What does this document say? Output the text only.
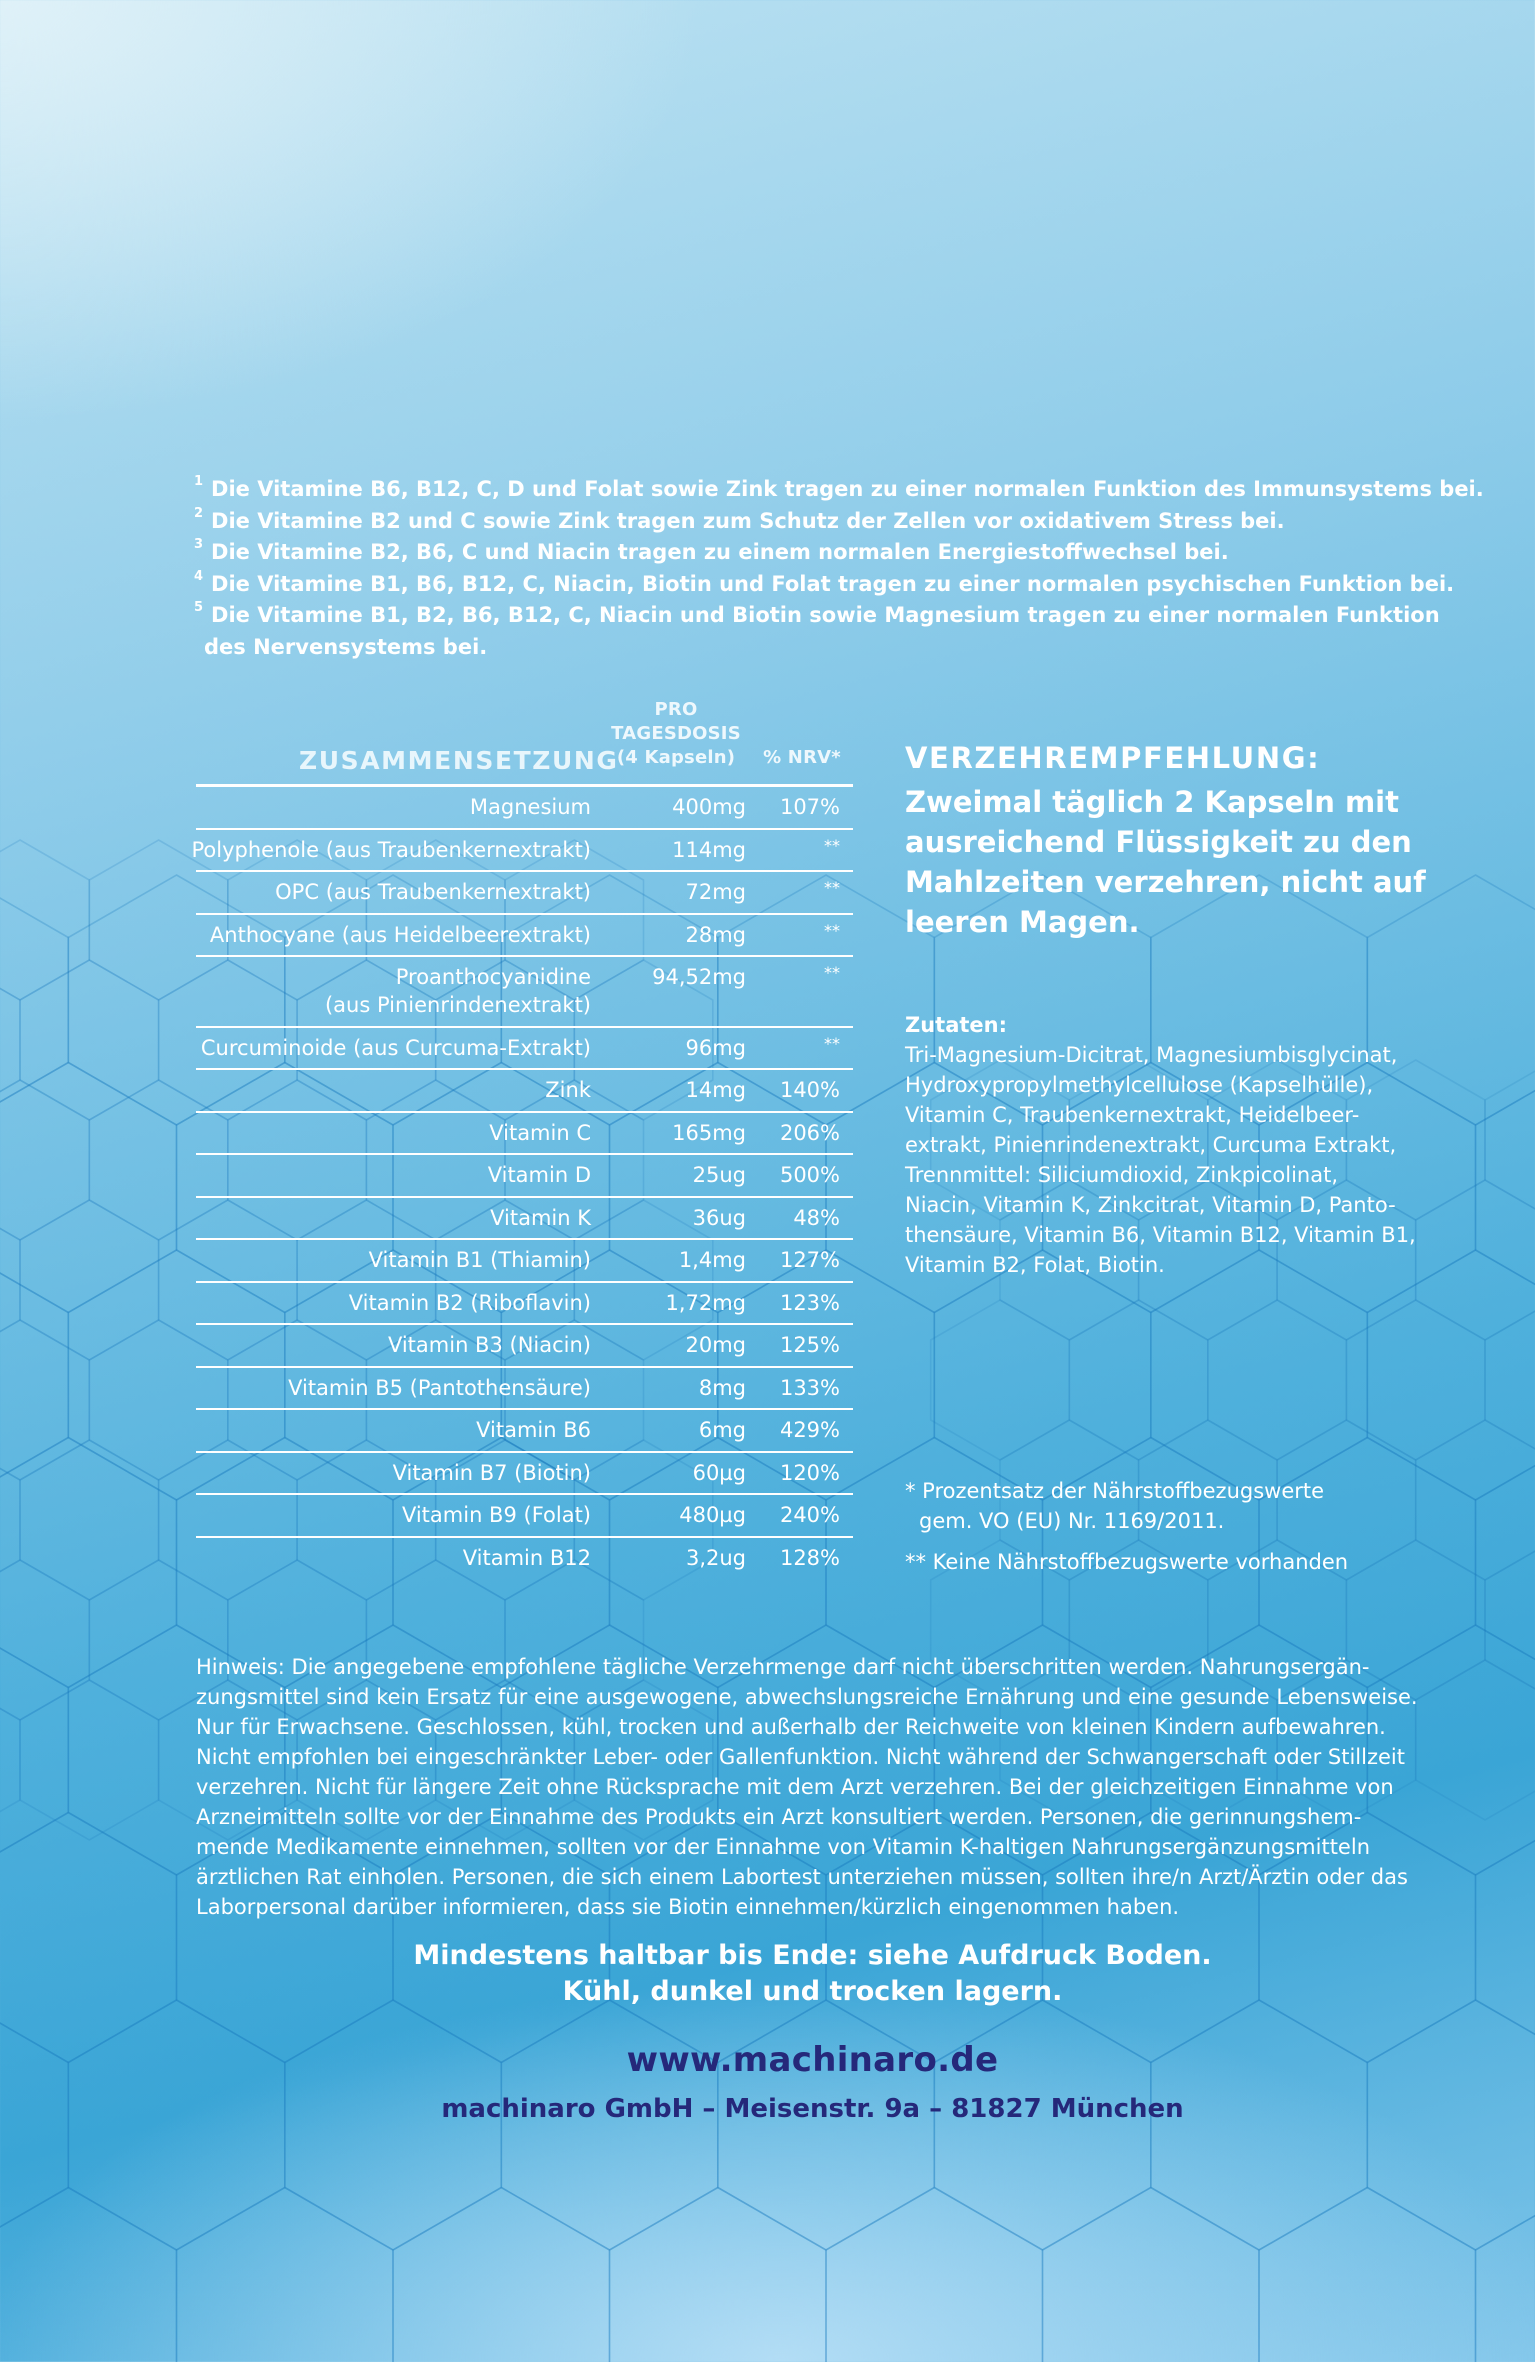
1 Die Vitamine B6, B12, C, D und Folat sowie Zink tragen zu einer normalen Funktion des Immunsystems bei.
2 Die Vitamine B2 und C sowie Zink tragen zum Schutz der Zellen vor oxidativem Stress bei.
3 Die Vitamine B2, B6, C und Niacin tragen zu einem normalen Energiestoffwechsel bei.
4 Die Vitamine B1, B6, B12, C, Niacin, Biotin und Folat tragen zu einer normalen psychischen Funktion bei.
5 Die Vitamine B1, B2, B6, B12, C, Niacin und Biotin sowie Magnesium tragen zu einer normalen Funktion
des Nervensystems bei.
PRO
TAGESDOSIS
(4 Kapseln)	% NRV*
ZUSAMMENSETZUNG
Magnesium	400mg 107%
Polyphenole (aus Traubenkernextrakt)	114mg	**
OPC (aus Traubenkernextrakt)	72mg	**
Anthocyane (aus Heidelbeerextrakt)	28mg	**
Proanthocyanidine
(aus Pinienrindenextrakt)
94,52mg	**
Curcuminoide (aus Curcuma-Extrakt)	96mg	**
Zink	14mg 140%
Vitamin C	165mg 206%
Vitamin D	25ug 500%
Vitamin K	36ug 48%
Vitamin B1 (Thiamin)	1,4mg 127%
Vitamin B2 (Riboflavin)	1,72mg 123%
Vitamin B3 (Niacin)	20mg 125%
Vitamin B5 (Pantothensäure)	8mg 133%
Vitamin B6	6mg 429%
Vitamin B7 (Biotin)	60µg 120%
Vitamin B9 (Folat)	480µg 240%
Vitamin B12	3,2ug 128%
VERZEHREMPFEHLUNG:
Zweimal täglich 2 Kapseln mit
ausreichend Flüssigkeit zu den
Mahlzeiten verzehren, nicht auf
leeren Magen.
Zutaten:
Tri-Magnesium-Dicitrat, Magnesiumbisglycinat,
Hydroxypropylmethylcellulose (Kapselhülle),
Vitamin C, Traubenkernextrakt, Heidelbeer-
extrakt, Pinienrindenextrakt, Curcuma Extrakt,
Trennmittel: Siliciumdioxid, Zinkpicolinat,
Niacin, Vitamin K, Zinkcitrat, Vitamin D, Panto-
thensäure, Vitamin B6, Vitamin B12, Vitamin B1,
Vitamin B2, Folat, Biotin.
* Prozentsatz der Nährstoffbezugswerte
gem. VO (EU) Nr. 1169/2011.
** Keine Nährstoffbezugswerte vorhanden
Hinweis: Die angegebene empfohlene tägliche Verzehrmenge darf nicht überschritten werden. Nahrungsergän-
zungsmittel sind kein Ersatz für eine ausgewogene, abwechslungsreiche Ernährung und eine gesunde Lebensweise.
Nur für Erwachsene. Geschlossen, kühl, trocken und außerhalb der Reichweite von kleinen Kindern aufbewahren.
Nicht empfohlen bei eingeschränkter Leber- oder Gallenfunktion. Nicht während der Schwangerschaft oder Stillzeit
verzehren. Nicht für längere Zeit ohne Rücksprache mit dem Arzt verzehren. Bei der gleichzeitigen Einnahme von
Arzneimitteln sollte vor der Einnahme des Produkts ein Arzt konsultiert werden. Personen, die gerinnungshem-
mende Medikamente einnehmen, sollten vor der Einnahme von Vitamin K-haltigen Nahrungsergänzungsmitteln
ärztlichen Rat einholen. Personen, die sich einem Labortest unterziehen müssen, sollten ihre/n Arzt/Ärztin oder das
Laborpersonal darüber informieren, dass sie Biotin einnehmen/kürzlich eingenommen haben.
Mindestens haltbar bis Ende: siehe Aufdruck Boden.
Kühl, dunkel und trocken lagern.
www.machinaro.de
machinaro GmbH – Meisenstr. 9a – 81827 München
